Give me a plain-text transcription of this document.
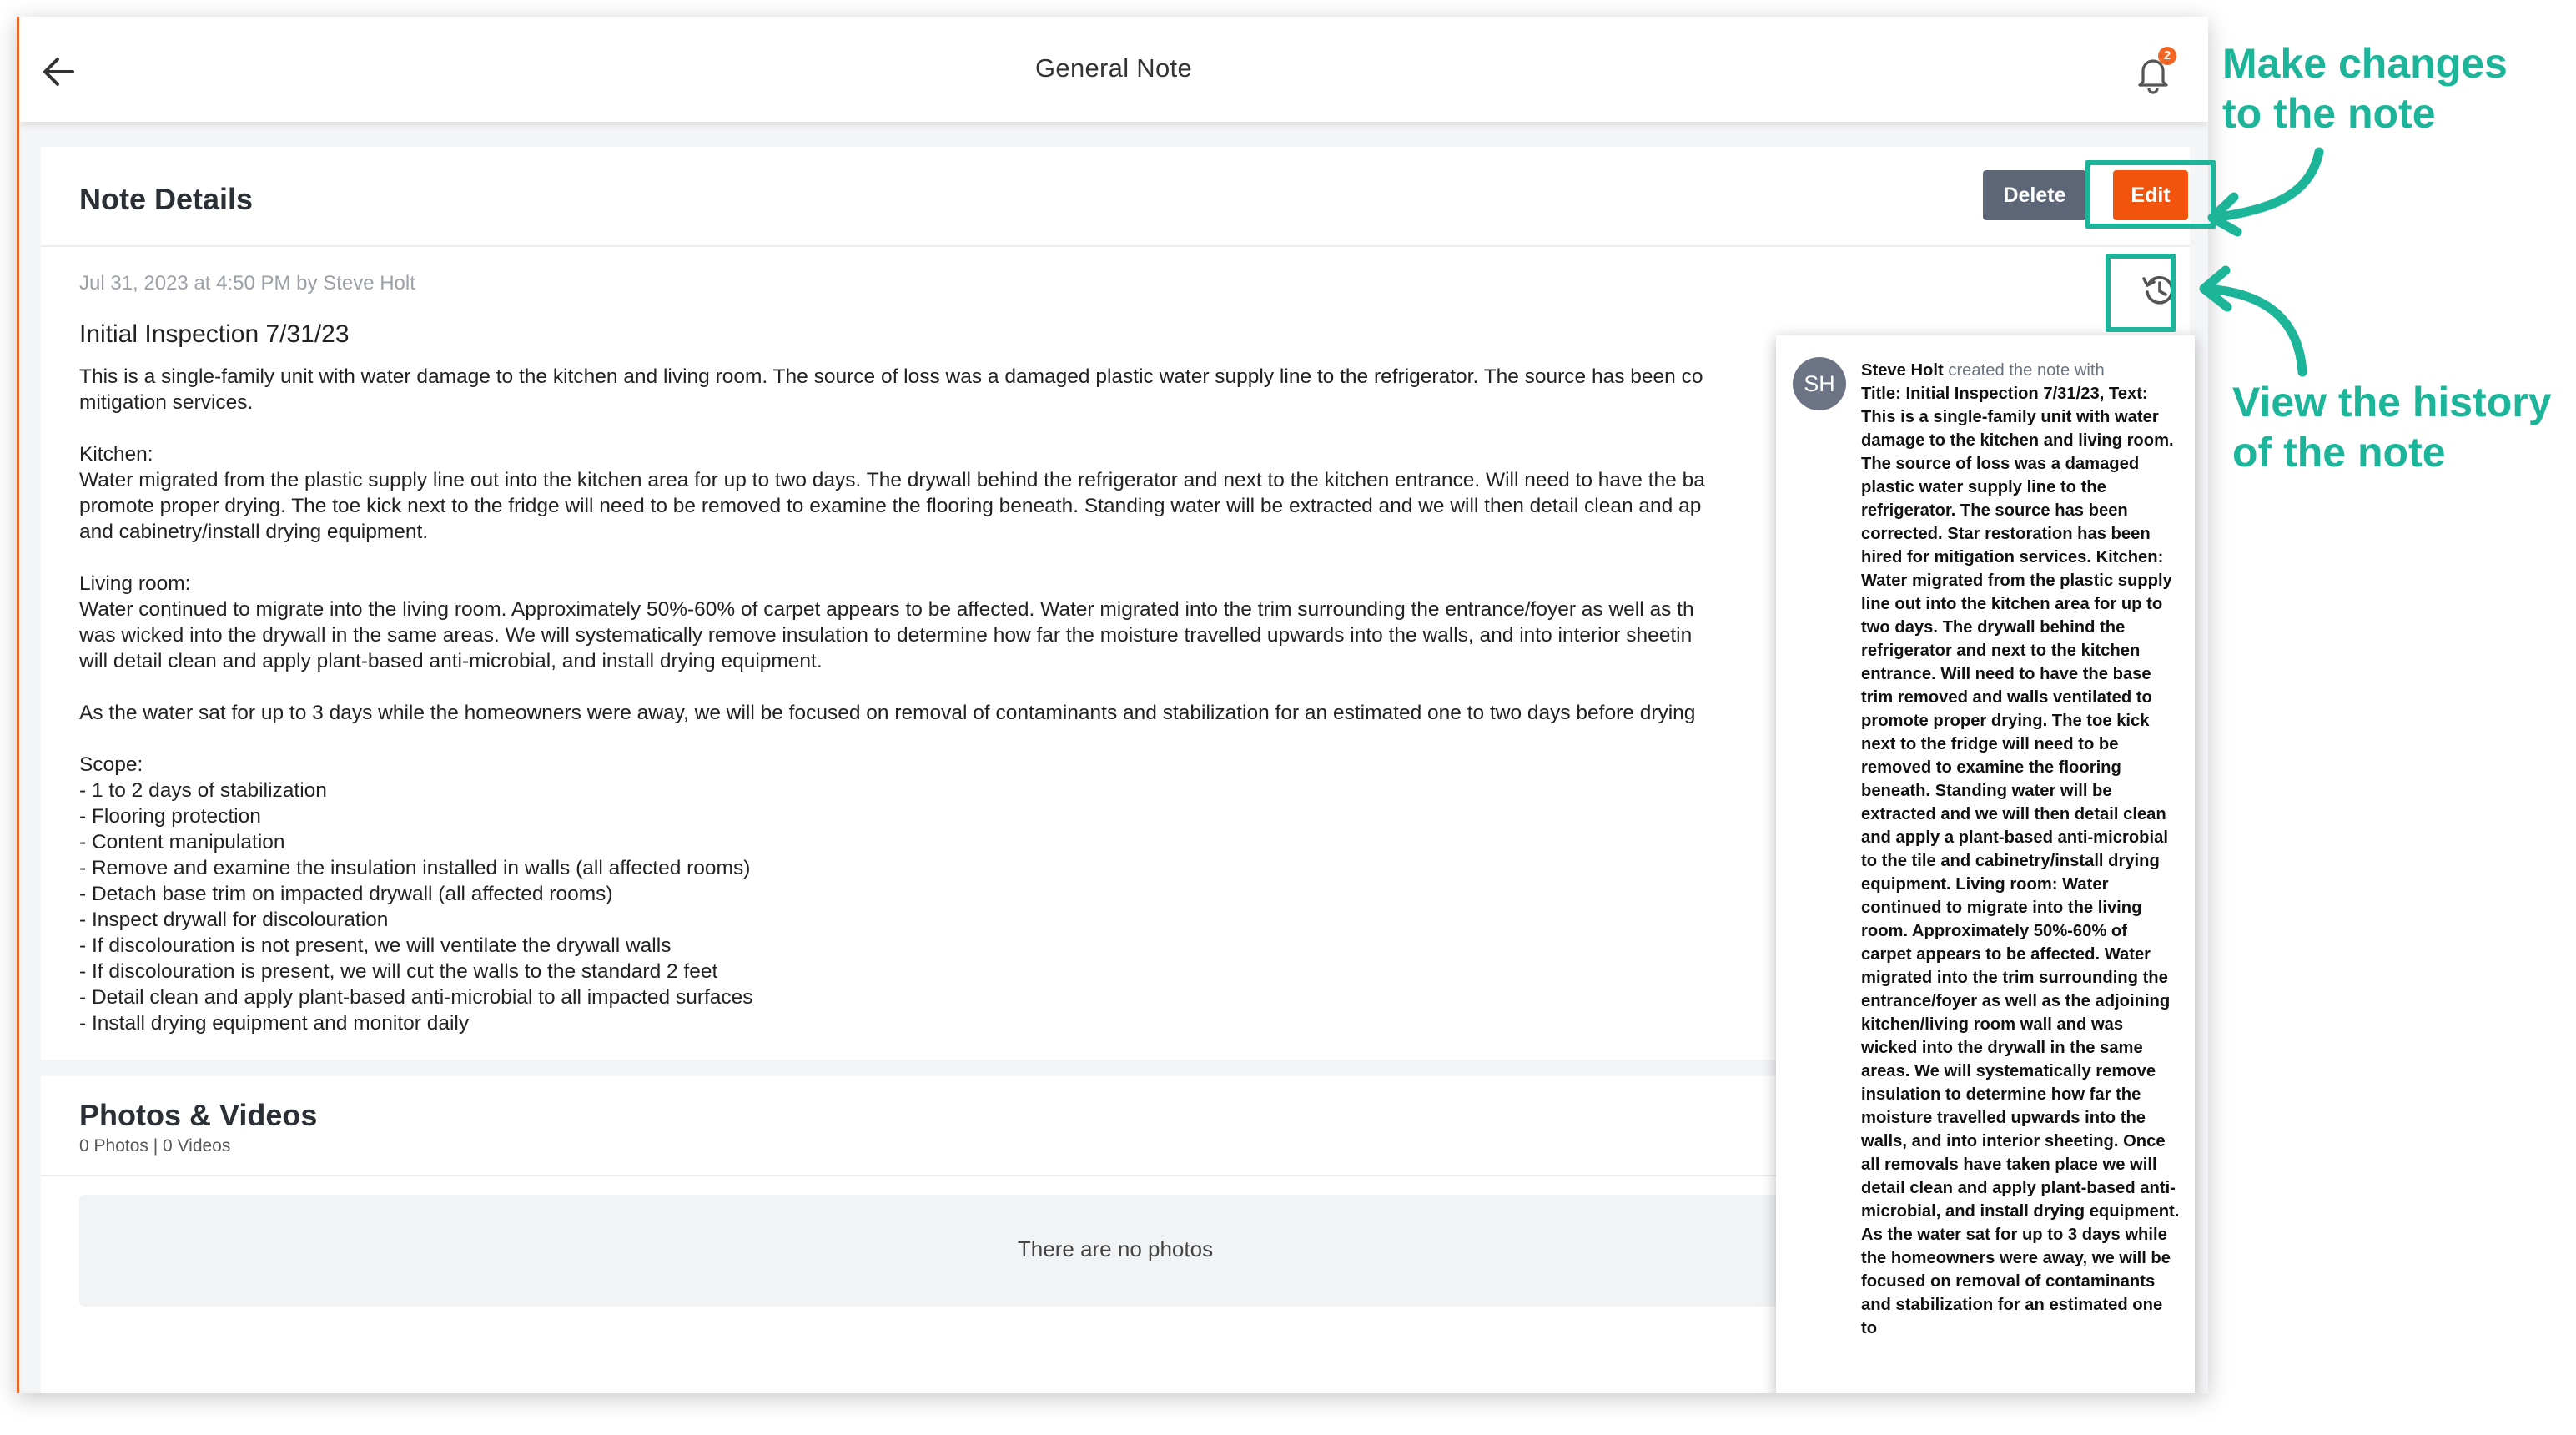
General Note	2
Note Details	Delete	Edit
Jul 31, 2023 at 4:50 PM by Steve Holt
Initial Inspection 7/31/23
This is a single-family unit with water damage to the kitchen and living room. The source of loss was a damaged plastic water supply line to the refrigerator. The source has been co
mitigation services.

Kitchen:
Water migrated from the plastic supply line out into the kitchen area for up to two days. The drywall behind the refrigerator and next to the kitchen entrance. Will need to have the ba
promote proper drying. The toe kick next to the fridge will need to be removed to examine the flooring beneath. Standing water will be extracted and we will then detail clean and ap
and cabinetry/install drying equipment.

Living room:
Water continued to migrate into the living room. Approximately 50%-60% of carpet appears to be affected. Water migrated into the trim surrounding the entrance/foyer as well as th
was wicked into the drywall in the same areas. We will systematically remove insulation to determine how far the moisture travelled upwards into the walls, and into interior sheetin
will detail clean and apply plant-based anti-microbial, and install drying equipment.

As the water sat for up to 3 days while the homeowners were away, we will be focused on removal of contaminants and stabilization for an estimated one to two days before drying

Scope:
- 1 to 2 days of stabilization
- Flooring protection
- Content manipulation
- Remove and examine the insulation installed in walls (all affected rooms)
- Detach base trim on impacted drywall (all affected rooms)
- Inspect drywall for discolouration
- If discolouration is not present, we will ventilate the drywall walls
- If discolouration is present, we will cut the walls to the standard 2 feet
- Detail clean and apply plant-based anti-microbial to all impacted surfaces
- Install drying equipment and monitor daily
Photos & Videos
0 Photos | 0 Videos
There are no photos
SH

Steve Holt created the note with
Title: Initial Inspection 7/31/23, Text: This is a single-family unit with water damage to the kitchen and living room. The source of loss was a damaged plastic water supply line to the refrigerator. The source has been corrected. Star restoration has been hired for mitigation services. Kitchen: Water migrated from the plastic supply line out into the kitchen area for up to two days. The drywall behind the refrigerator and next to the kitchen entrance. Will need to have the base trim removed and walls ventilated to promote proper drying. The toe kick next to the fridge will need to be removed to examine the flooring beneath. Standing water will be extracted and we will then detail clean and apply a plant-based anti-microbial to the tile and cabinetry/install drying equipment. Living room: Water continued to migrate into the living room. Approximately 50%-60% of carpet appears to be affected. Water migrated into the trim surrounding the entrance/foyer as well as the adjoining kitchen/living room wall and was wicked into the drywall in the same areas. We will systematically remove insulation to determine how far the moisture travelled upwards into the walls, and into interior sheeting. Once all removals have taken place we will detail clean and apply plant-based anti-microbial, and install drying equipment. As the water sat for up to 3 days while the homeowners were away, we will be focused on removal of contaminants and stabilization for an estimated one to

Make changes
to the note
View the history
of the note
